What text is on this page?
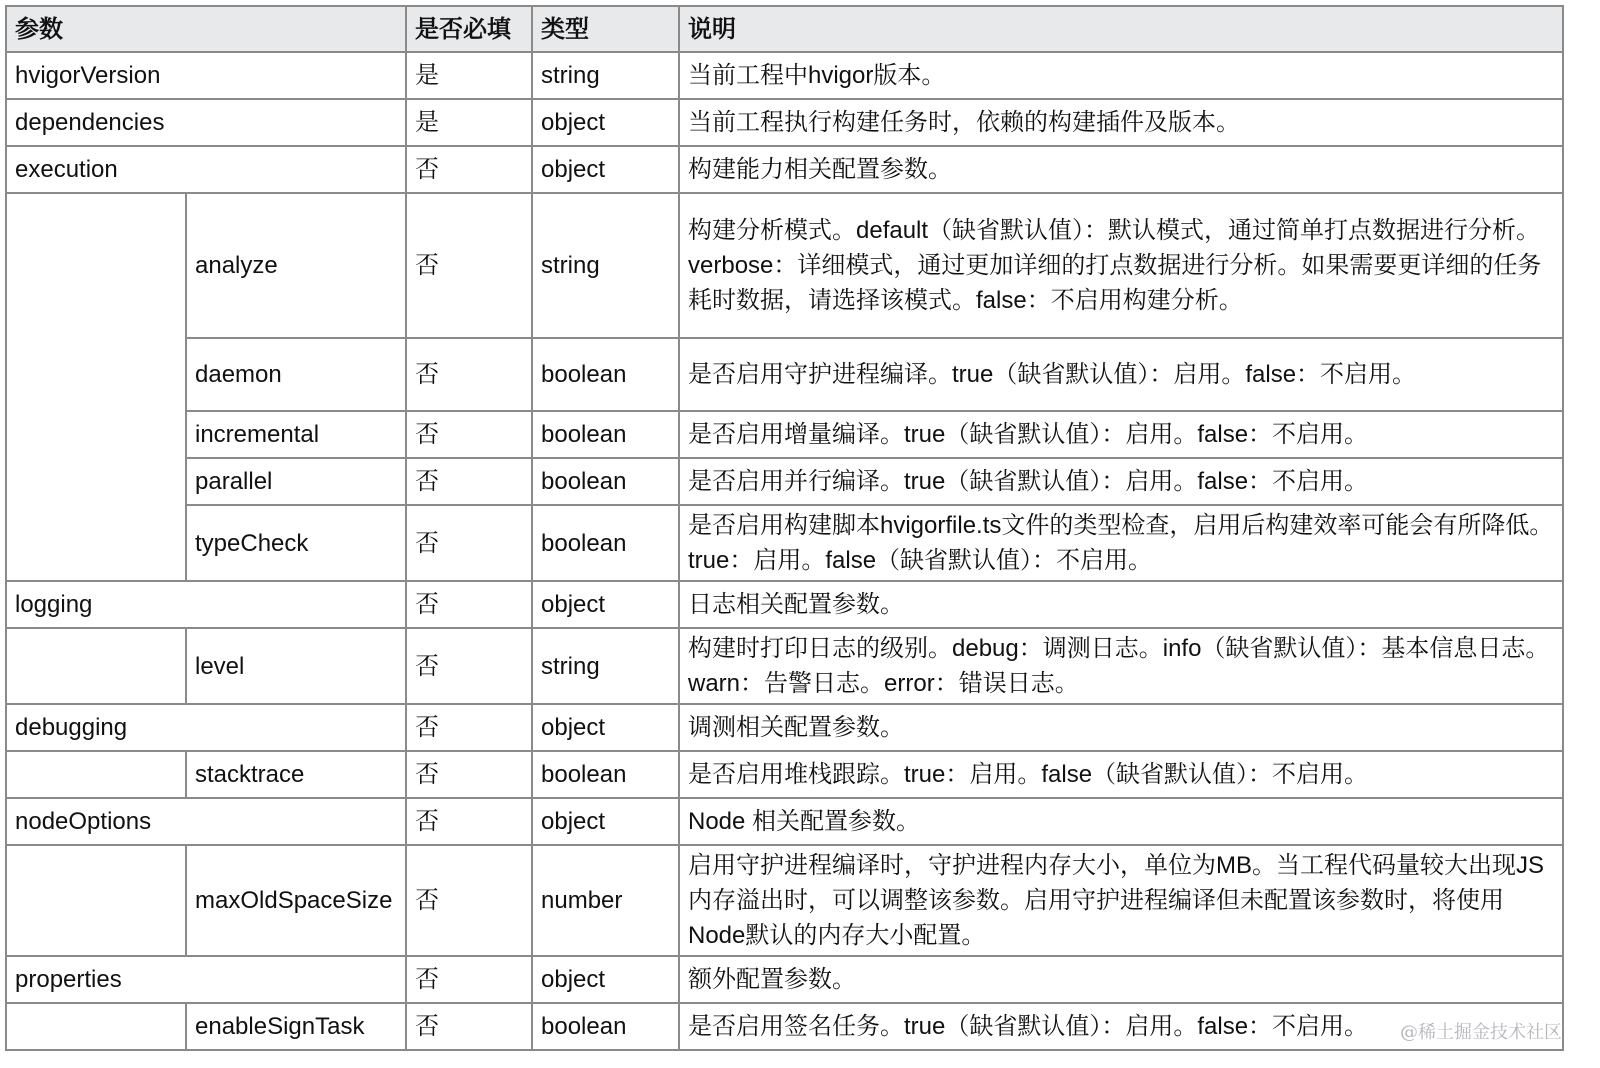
参数		是否必填	类型	说明
hvigorVersion		是	string	当前工程中hvigor版本。
dependencies		是	object	当前工程执行构建任务时，依赖的构建插件及版本。
execution		否	object	构建能力相关配置参数。
	analyze	否	string	构建分析模式。default（缺省默认值）：默认模式，通过简单打点数据进行分析。verbose：详细模式，通过更加详细的打点数据进行分析。如果需要更详细的任务耗时数据，请选择该模式。false：不启用构建分析。
	daemon	否	boolean	是否启用守护进程编译。true（缺省默认值）：启用。false：不启用。
	incremental	否	boolean	是否启用增量编译。true（缺省默认值）：启用。false：不启用。
	parallel	否	boolean	是否启用并行编译。true（缺省默认值）：启用。false：不启用。
	typeCheck	否	boolean	是否启用构建脚本hvigorfile.ts文件的类型检查，启用后构建效率可能会有所降低。true：启用。false（缺省默认值）：不启用。
logging		否	object	日志相关配置参数。
	level	否	string	构建时打印日志的级别。debug：调测日志。info（缺省默认值）：基本信息日志。warn：告警日志。error：错误日志。
debugging		否	object	调测相关配置参数。
	stacktrace	否	boolean	是否启用堆栈跟踪。true：启用。false（缺省默认值）：不启用。
nodeOptions		否	object	Node 相关配置参数。
	maxOldSpaceSize	否	number	启用守护进程编译时，守护进程内存大小，单位为MB。当工程代码量较大出现JS内存溢出时，可以调整该参数。启用守护进程编译但未配置该参数时，将使用Node默认的内存大小配置。
properties		否	object	额外配置参数。
	enableSignTask	否	boolean	是否启用签名任务。true（缺省默认值）：启用。false：不启用。 @稀土掘金技术社区
